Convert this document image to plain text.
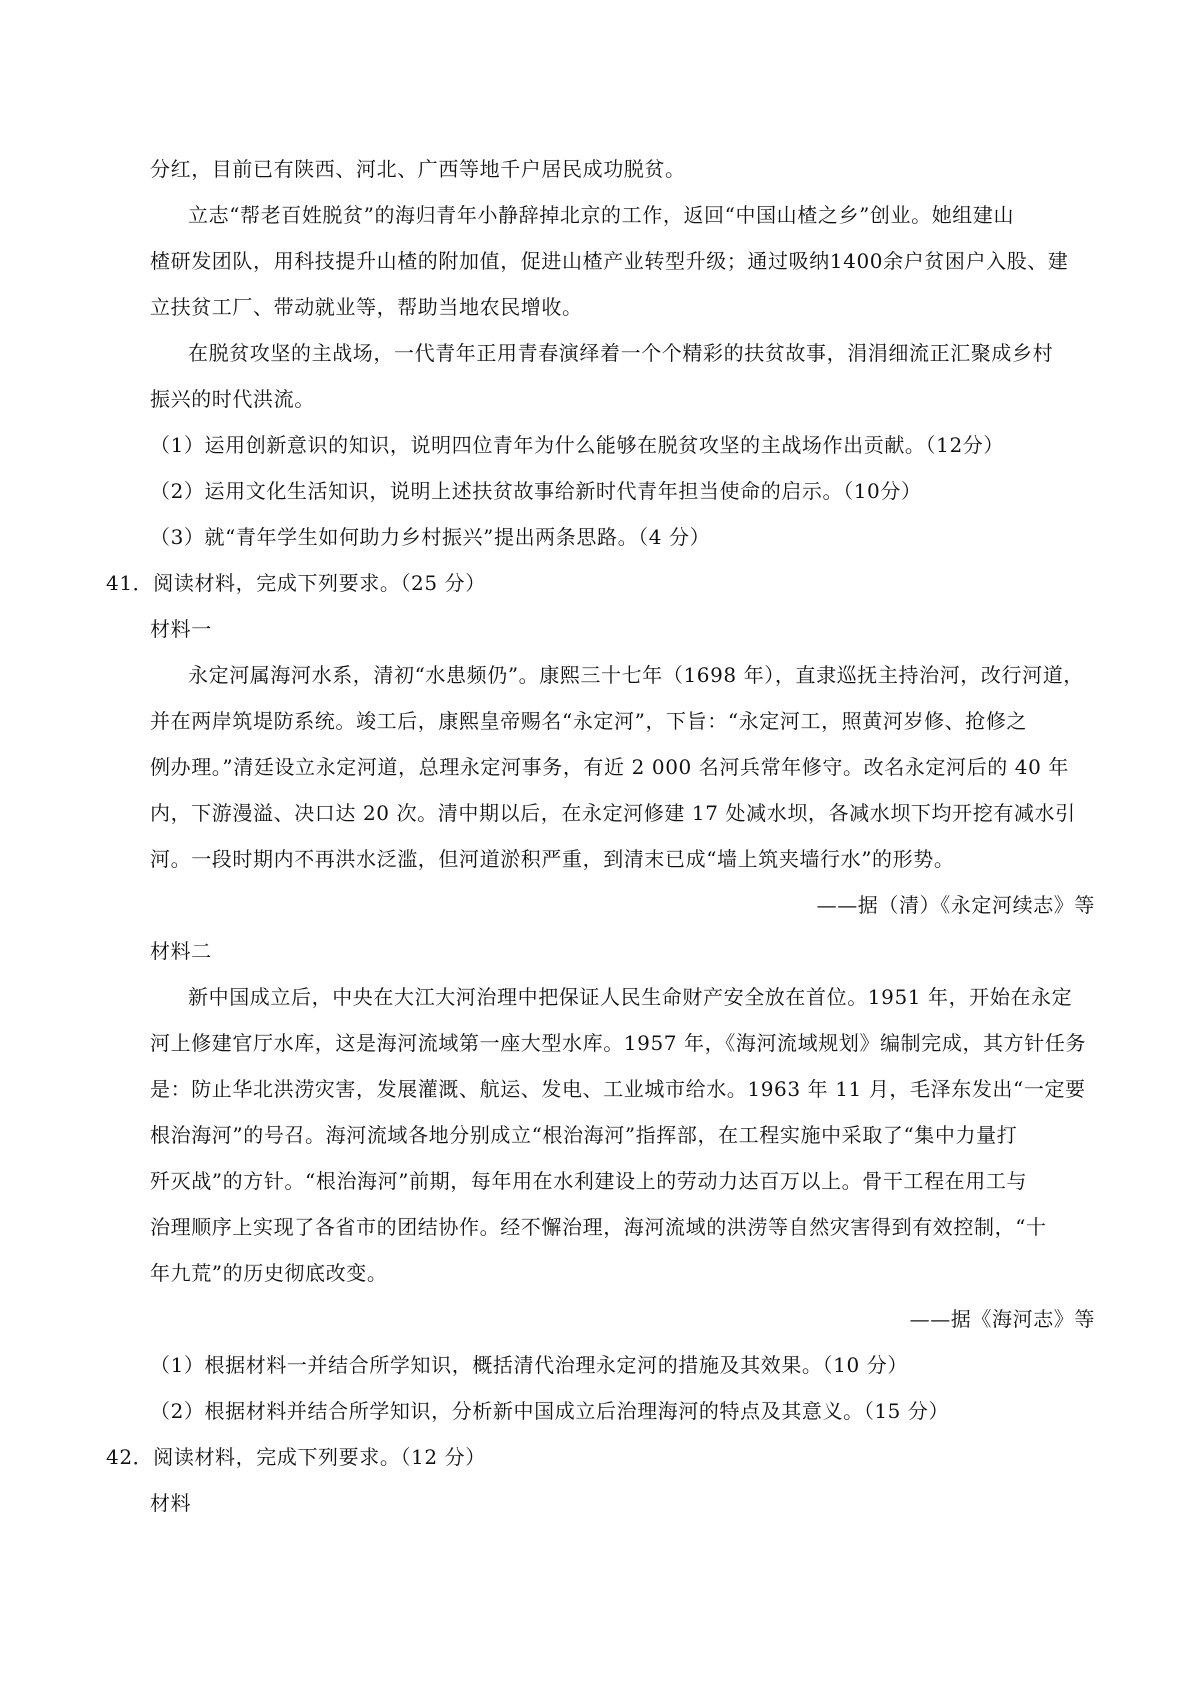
分红，目前已有陕西、河北、广西等地千户居民成功脱贫。
立志“帮老百姓脱贫”的海归青年小静辞掉北京的工作，返回“中国山楂之乡”创业。她组建山
楂研发团队，用科技提升山楂的附加值，促进山楂产业转型升级；通过吸纳1400余户贫困户入股、建
立扶贫工厂、带动就业等，帮助当地农民增收。
在脱贫攻坚的主战场，一代青年正用青春演绎着一个个精彩的扶贫故事，涓涓细流正汇聚成乡村
振兴的时代洪流。
（1）运用创新意识的知识，说明四位青年为什么能够在脱贫攻坚的主战场作出贡献。（12分）
（2）运用文化生活知识，说明上述扶贫故事给新时代青年担当使命的启示。（10分）
（3）就“青年学生如何助力乡村振兴”提出两条思路。（4 分）
41．阅读材料，完成下列要求。（25 分）
材料一
永定河属海河水系，清初“水患频仍”。康熙三十七年（1698 年），直隶巡抚主持治河，改行河道，
并在两岸筑堤防系统。竣工后，康熙皇帝赐名“永定河”，下旨：“永定河工，照黄河岁修、抢修之
例办理。”清廷设立永定河道，总理永定河事务，有近 2 000 名河兵常年修守。改名永定河后的 40 年
内，下游漫溢、决口达 20 次。清中期以后，在永定河修建 17 处减水坝，各减水坝下均开挖有减水引
河。一段时期内不再洪水泛滥，但河道淤积严重，到清末已成“墙上筑夹墙行水”的形势。
——据（清）《永定河续志》等
材料二
新中国成立后，中央在大江大河治理中把保证人民生命财产安全放在首位。1951 年，开始在永定
河上修建官厅水库，这是海河流域第一座大型水库。1957 年，《海河流域规划》编制完成，其方针任务
是：防止华北洪涝灾害，发展灌溉、航运、发电、工业城市给水。1963 年 11 月，毛泽东发出“一定要
根治海河”的号召。海河流域各地分别成立“根治海河”指挥部，在工程实施中采取了“集中力量打
歼灭战”的方针。“根治海河”前期，每年用在水利建设上的劳动力达百万以上。骨干工程在用工与
治理顺序上实现了各省市的团结协作。经不懈治理，海河流域的洪涝等自然灾害得到有效控制，“十
年九荒”的历史彻底改变。
——据《海河志》等
（1）根据材料一并结合所学知识，概括清代治理永定河的措施及其效果。（10 分）
（2）根据材料并结合所学知识，分析新中国成立后治理海河的特点及其意义。（15 分）
42．阅读材料，完成下列要求。（12 分）
材料
